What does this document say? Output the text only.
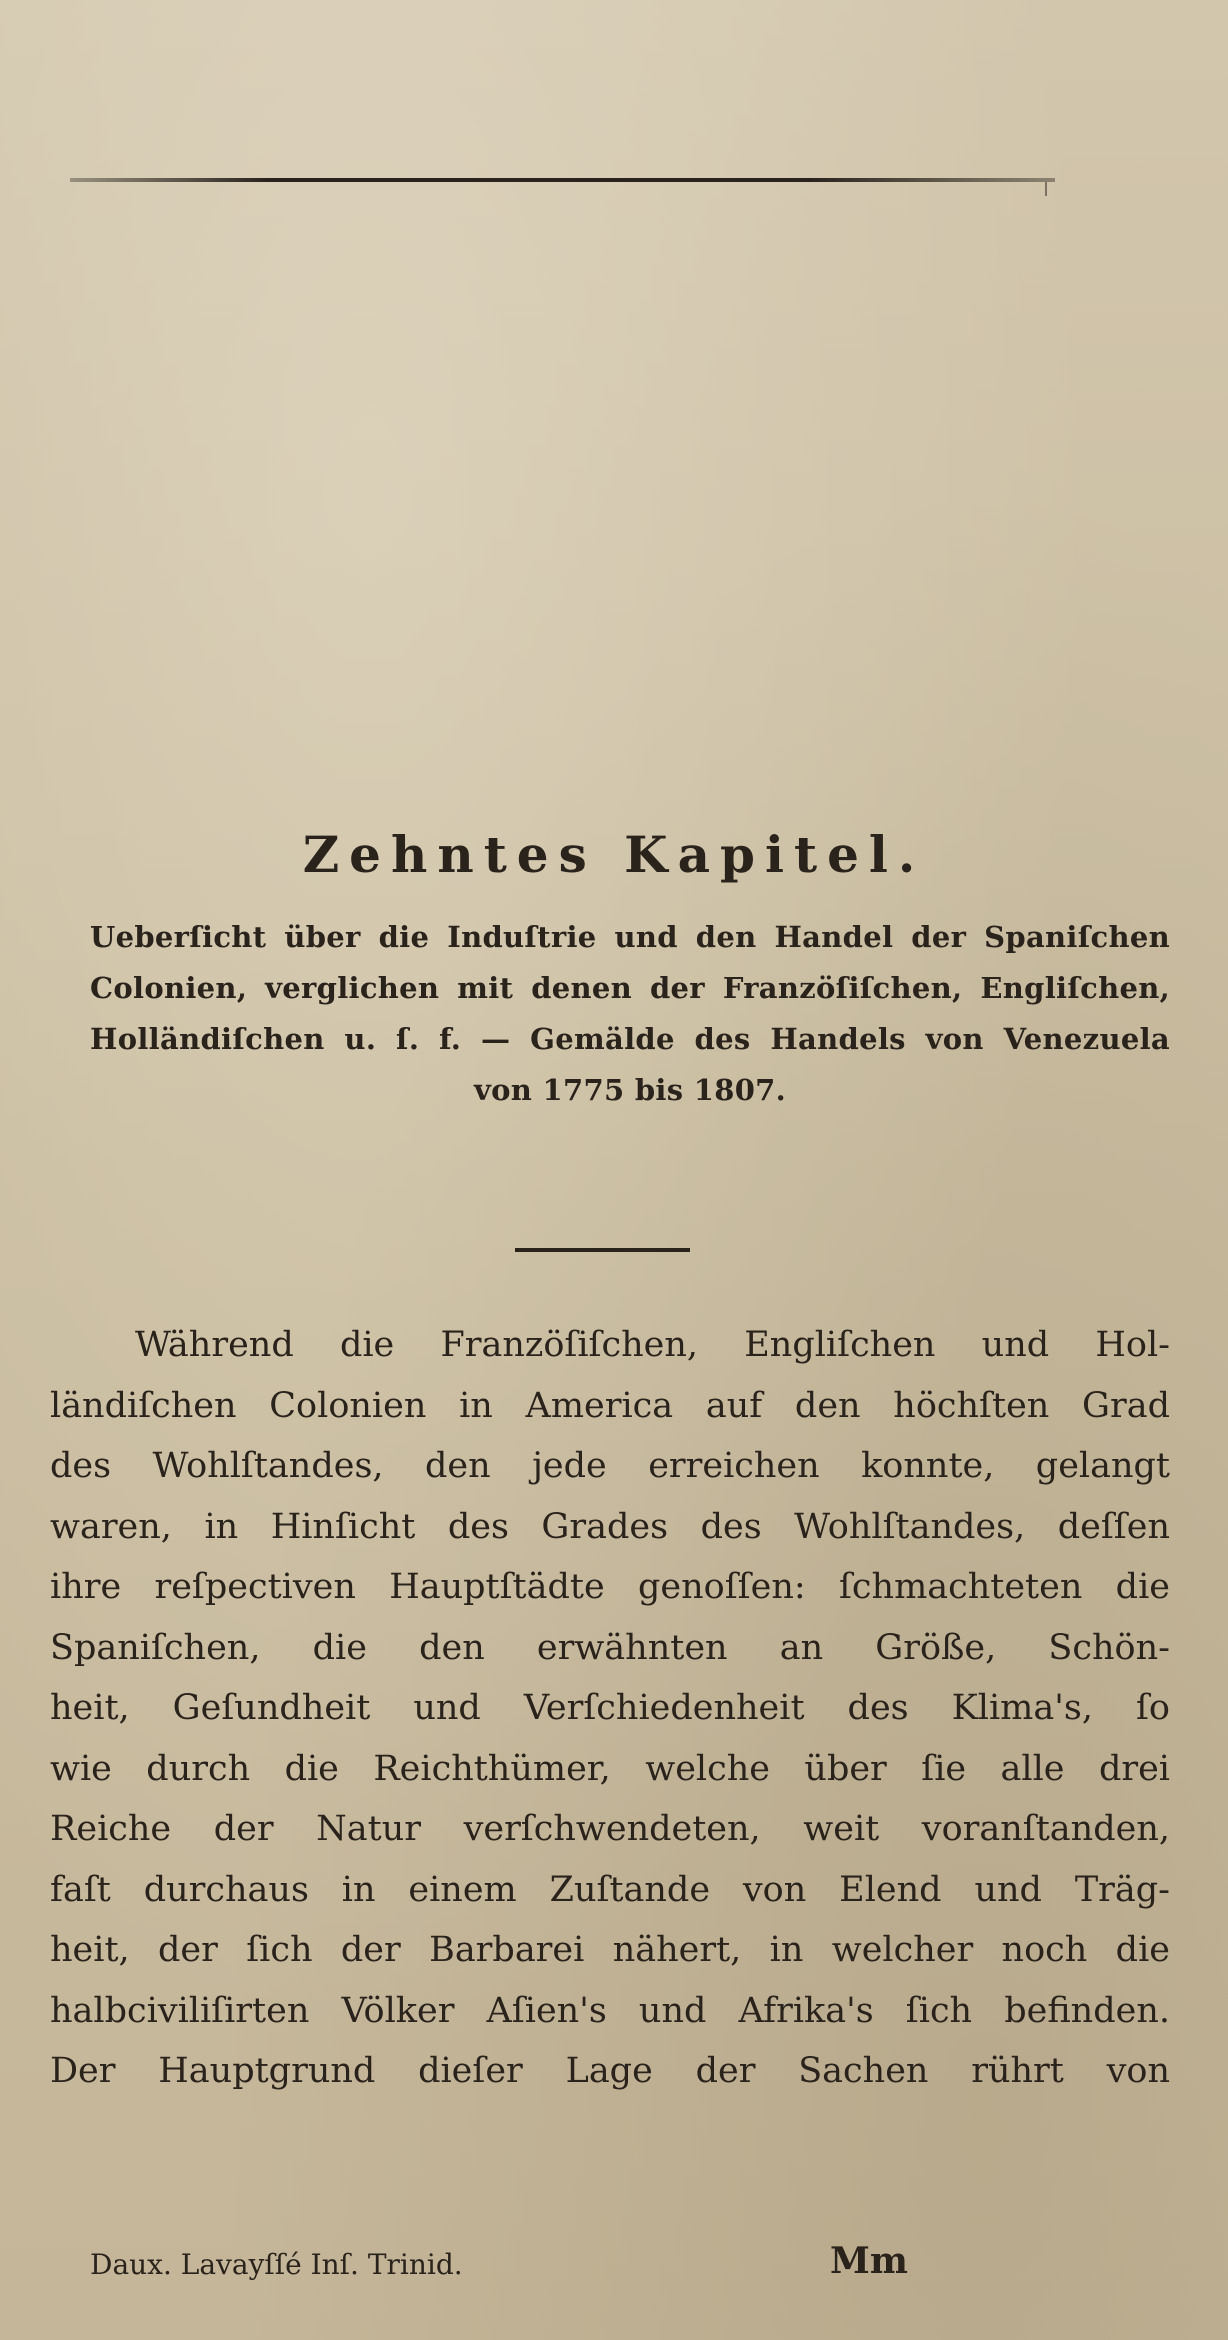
Zehntes Kapitel.
Ueberſicht über die Induſtrie und den Handel der Spaniſchen
Colonien, verglichen mit denen der Franzöſiſchen, Engliſchen,
Holländiſchen u. ſ. f. — Gemälde des Handels von Venezuela
von 1775 bis 1807.
Während die Franzöſiſchen, Engliſchen und Hol-
ländiſchen Colonien in America auf den höchſten Grad
des Wohlſtandes, den jede erreichen konnte, gelangt
waren, in Hinſicht des Grades des Wohlſtandes, deſſen
ihre reſpectiven Hauptſtädte genoſſen: ſchmachteten die
Spaniſchen, die den erwähnten an Größe, Schön-
heit, Geſundheit und Verſchiedenheit des Klima's, ſo
wie durch die Reichthümer, welche über ſie alle drei
Reiche der Natur verſchwendeten, weit voranſtanden,
faſt durchaus in einem Zuſtande von Elend und Träg-
heit, der ſich der Barbarei nähert, in welcher noch die
halbciviliſirten Völker Aſien's und Afrika's ſich befinden.
Der Hauptgrund dieſer Lage der Sachen rührt von
Daux. Lavayſſé Inſ. Trinid.	Mm
